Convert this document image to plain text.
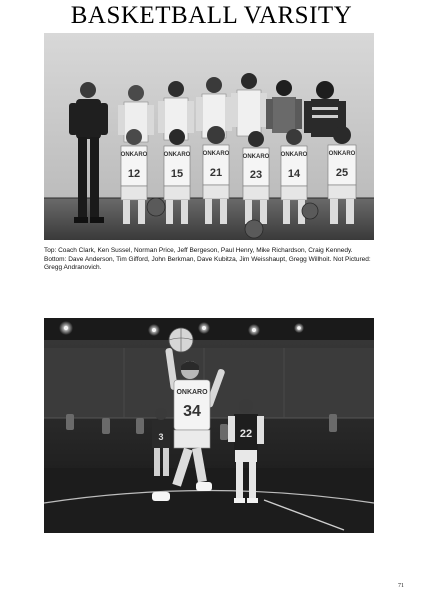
BASKETBALL VARSITY
ONKARO
12
ONKARO
15
ONKARO
21
ONKARO
23
ONKARO
14
ONKARO
25
Top: Coach Clark, Ken Sussel, Norman Price, Jeff Bergeson, Paul Henry, Mike Richardson, Craig Kennedy. Bottom: Dave Anderson, Tim Gifford, John Berkman, Dave Kubitza, Jim Weisshaupt, Gregg Willhoit. Not Pictured: Gregg Andranovich.
3	22
ONKARO
34
71
